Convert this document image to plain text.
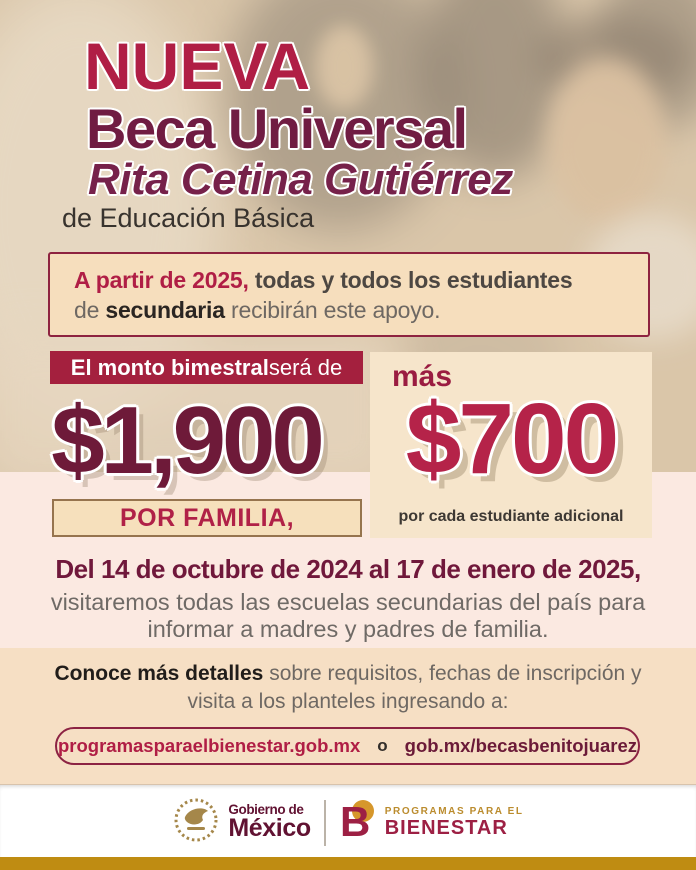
NUEVA
Beca Universal
Rita Cetina Gutiérrez
de Educación Básica
A partir de 2025, todas y todos los estudiantes
de secundaria recibirán este apoyo.
El monto bimestral será de
$1,900
POR FAMILIA,
más
$700
por cada estudiante adicional
Del 14 de octubre de 2024 al 17 de enero de 2025,
visitaremos todas las escuelas secundarias del país para
informar a madres y padres de familia.
Conoce más detalles sobre requisitos, fechas de inscripción y
visita a los planteles ingresando a:
programasparaelbienestar.gob.mx o gob.mx/becasbenitojuarez
Gobierno de
México B PROGRAMAS PARA EL
BIENESTAR
